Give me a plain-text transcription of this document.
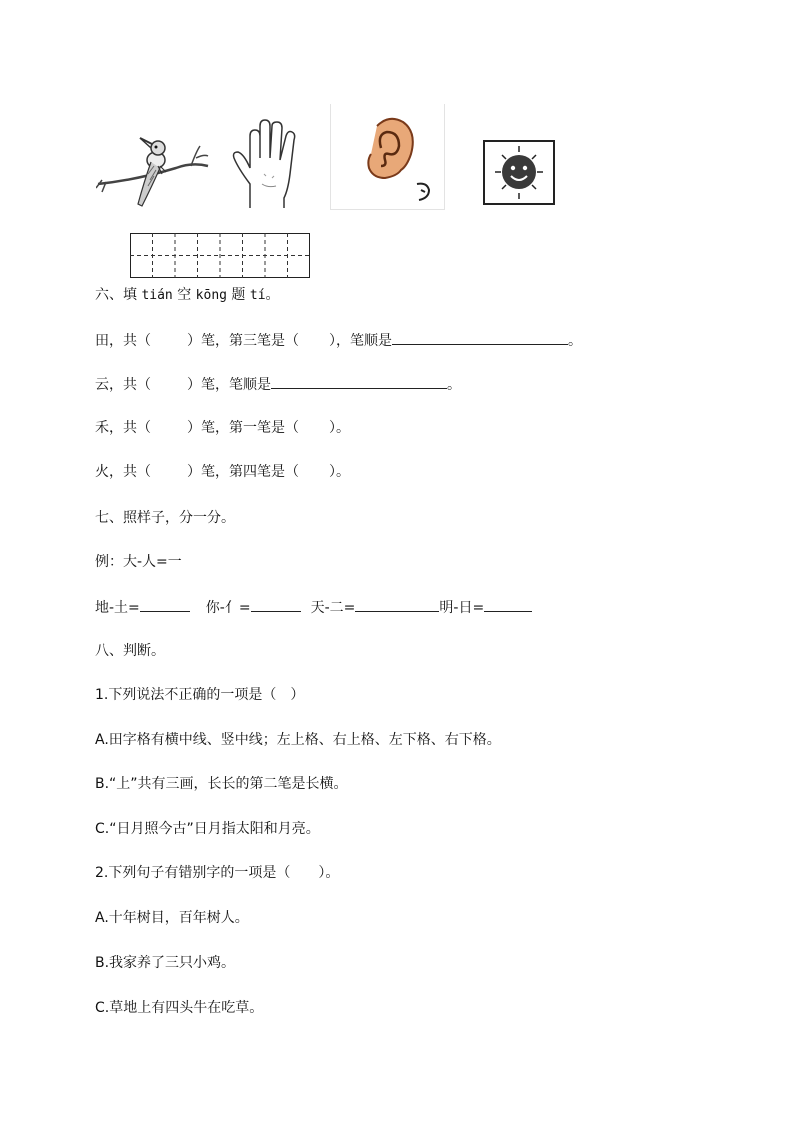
六、填 tián 空 kōng 题 tí。
田，共（	）笔，第三笔是（ ），笔顺是	。
云，共（	）笔，笔顺是	。
禾，共（	）笔，第一笔是（ ）。
火，共（	）笔，第四笔是（ ）。
七、照样子，分一分。
例：大-人=一
地-土=	你-亻=	天-二=	明-日=
八、判断。
1.下列说法不正确的一项是（　）
A.田字格有横中线、竖中线；左上格、右上格、左下格、右下格。
B.“上”共有三画，长长的第二笔是长横。
C.“日月照今古”日月指太阳和月亮。
2.下列句子有错别字的一项是（　　）。
A.十年树目，百年树人。
B.我家养了三只小鸡。
C.草地上有四头牛在吃草。
